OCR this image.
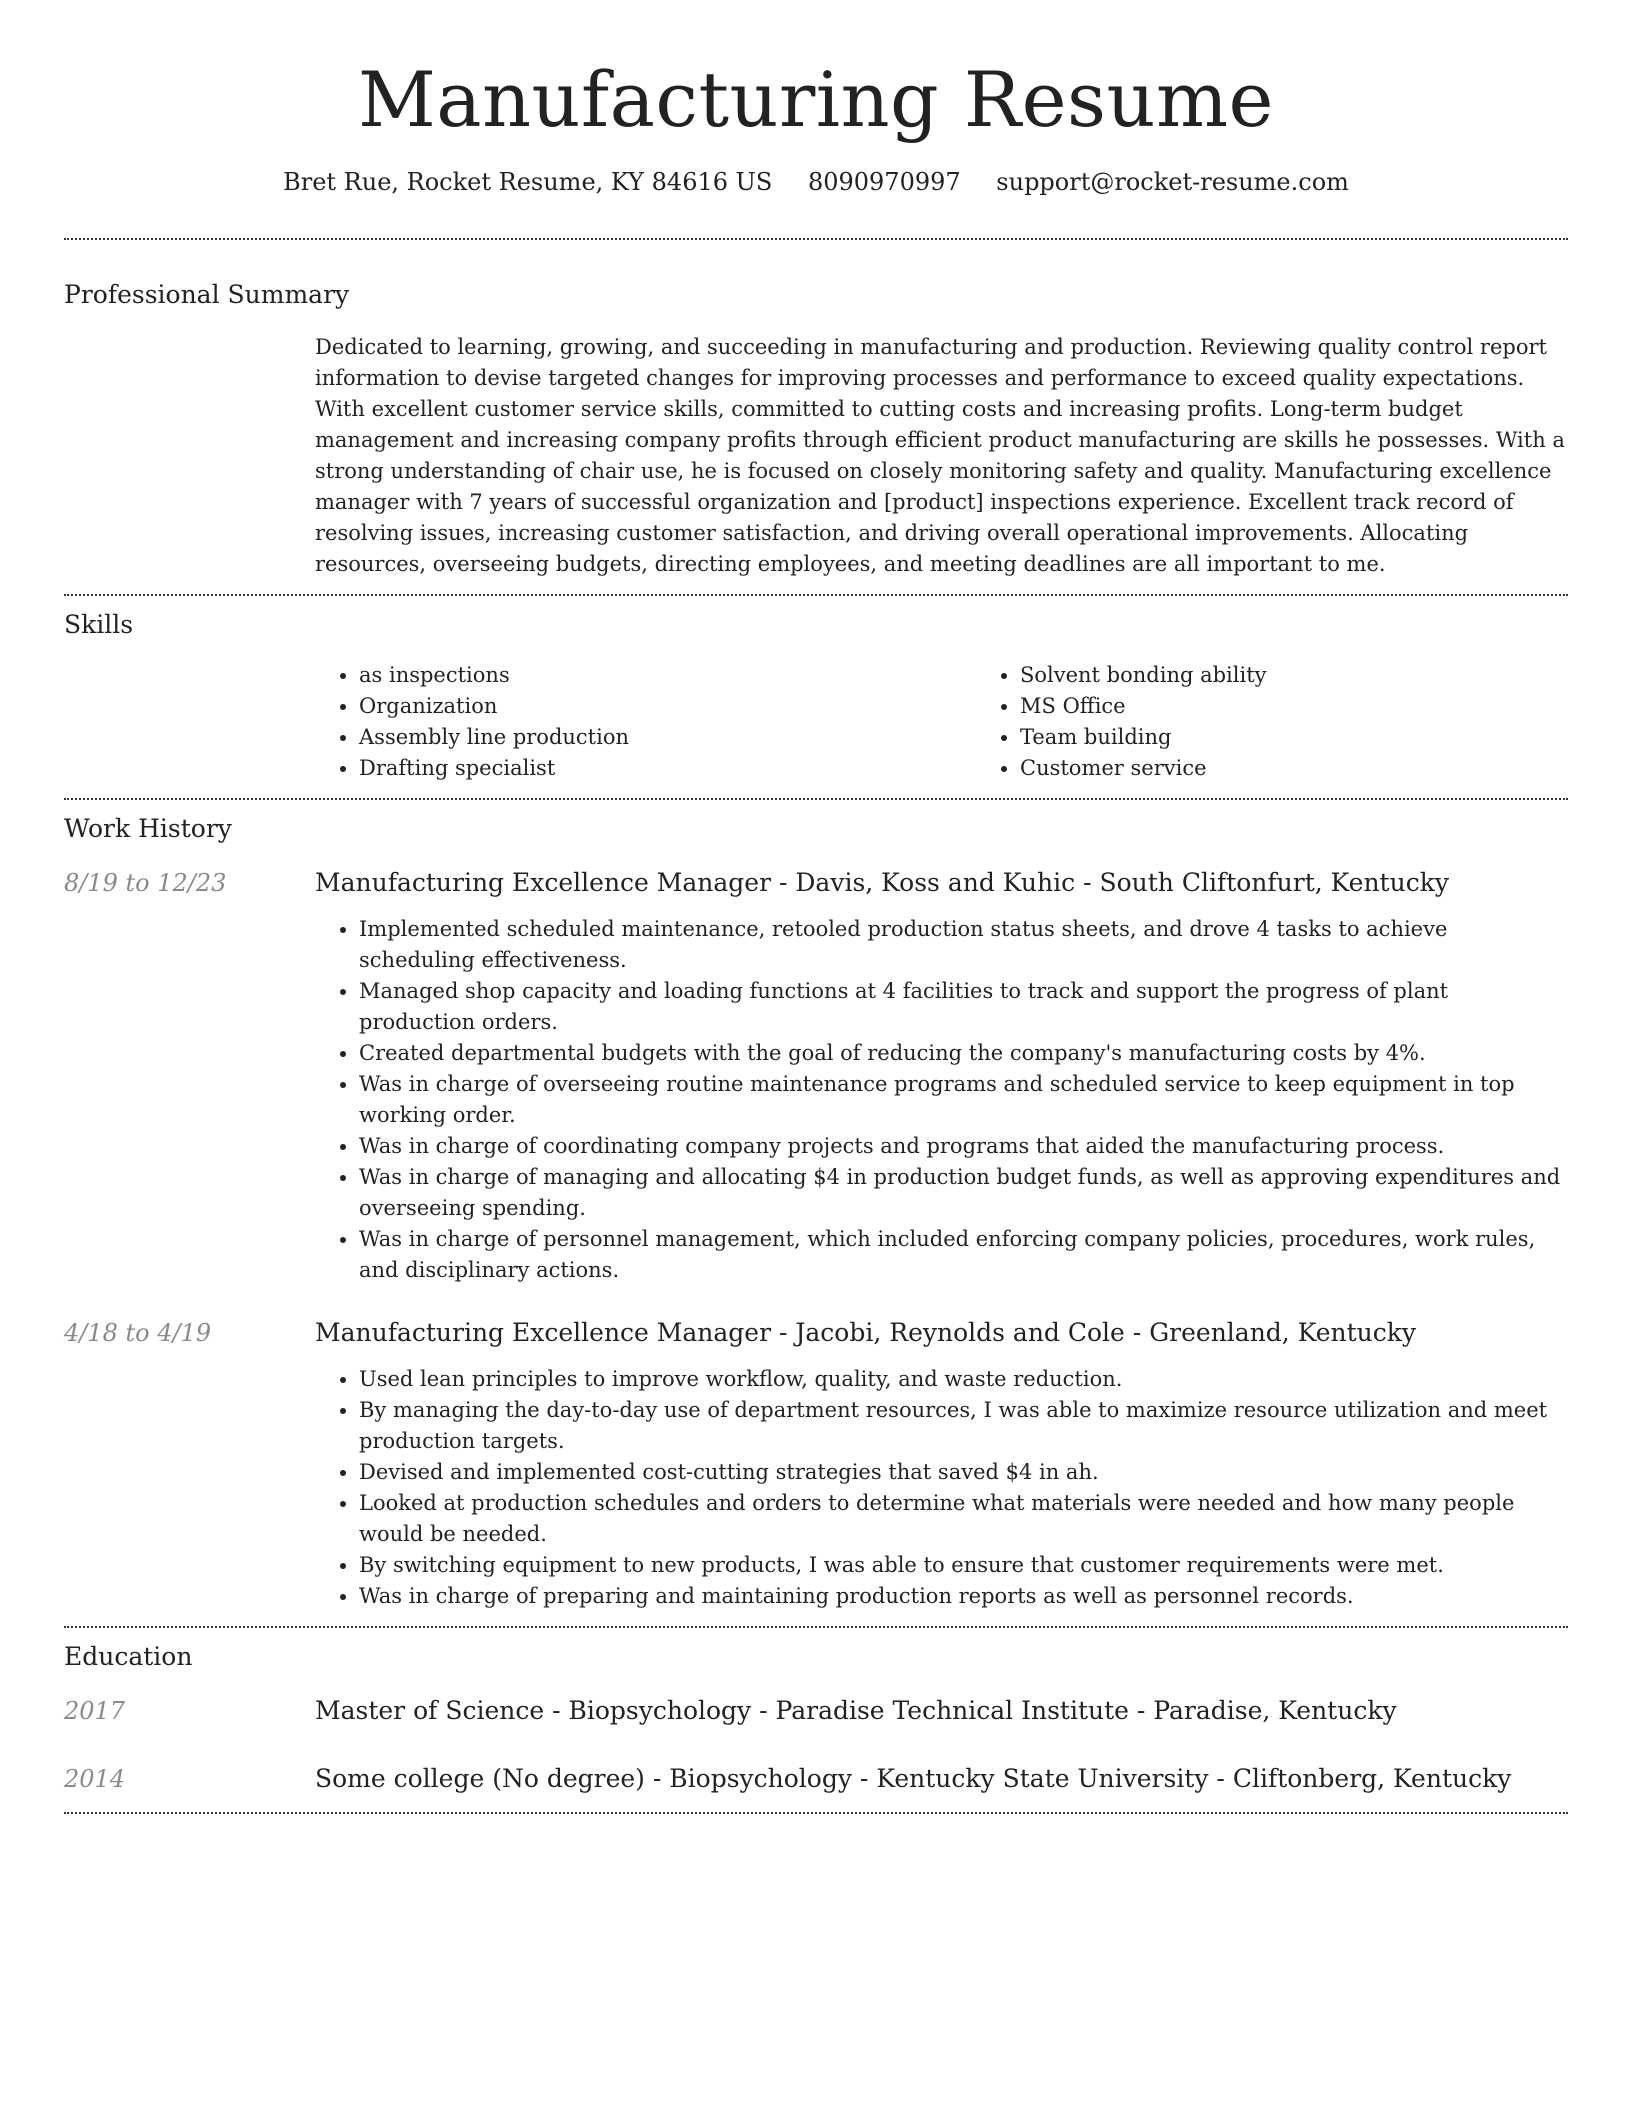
Manufacturing Resume
Bret Rue, Rocket Resume, KY 84616 US 8090970997 support@rocket-resume.com
Professional Summary

Dedicated to learning, growing, and succeeding in manufacturing and production. Reviewing quality control report information to devise targeted changes for improving processes and performance to exceed quality expectations. With excellent customer service skills, committed to cutting costs and increasing profits. Long-term budget management and increasing company profits through efficient product manufacturing are skills he possesses. With a strong understanding of chair use, he is focused on closely monitoring safety and quality. Manufacturing excellence manager with 7 years of successful organization and [product] inspections experience. Excellent track record of resolving issues, increasing customer satisfaction, and driving overall operational improvements. Allocating resources, overseeing budgets, directing employees, and meeting deadlines are all important to me.

Skills
• as inspections
• Organization
• Assembly line production
• Drafting specialist
• Solvent bonding ability
• MS Office
• Team building
• Customer service
Work History
8/19 to 12/23	Manufacturing Excellence Manager - Davis, Koss and Kuhic - South Cliftonfurt, Kentucky
• Implemented scheduled maintenance, retooled production status sheets, and drove 4 tasks to achieve scheduling effectiveness.
• Managed shop capacity and loading functions at 4 facilities to track and support the progress of plant production orders.
• Created departmental budgets with the goal of reducing the company's manufacturing costs by 4%.
• Was in charge of overseeing routine maintenance programs and scheduled service to keep equipment in top working order.
• Was in charge of coordinating company projects and programs that aided the manufacturing process.
• Was in charge of managing and allocating $4 in production budget funds, as well as approving expenditures and overseeing spending.
• Was in charge of personnel management, which included enforcing company policies, procedures, work rules, and disciplinary actions.
4/18 to 4/19	Manufacturing Excellence Manager - Jacobi, Reynolds and Cole - Greenland, Kentucky
• Used lean principles to improve workflow, quality, and waste reduction.
• By managing the day-to-day use of department resources, I was able to maximize resource utilization and meet production targets.
• Devised and implemented cost-cutting strategies that saved $4 in ah.
• Looked at production schedules and orders to determine what materials were needed and how many people would be needed.
• By switching equipment to new products, I was able to ensure that customer requirements were met.
• Was in charge of preparing and maintaining production reports as well as personnel records.
Education
2017	Master of Science - Biopsychology - Paradise Technical Institute - Paradise, Kentucky
2014	Some college (No degree) - Biopsychology - Kentucky State University - Cliftonberg, Kentucky
